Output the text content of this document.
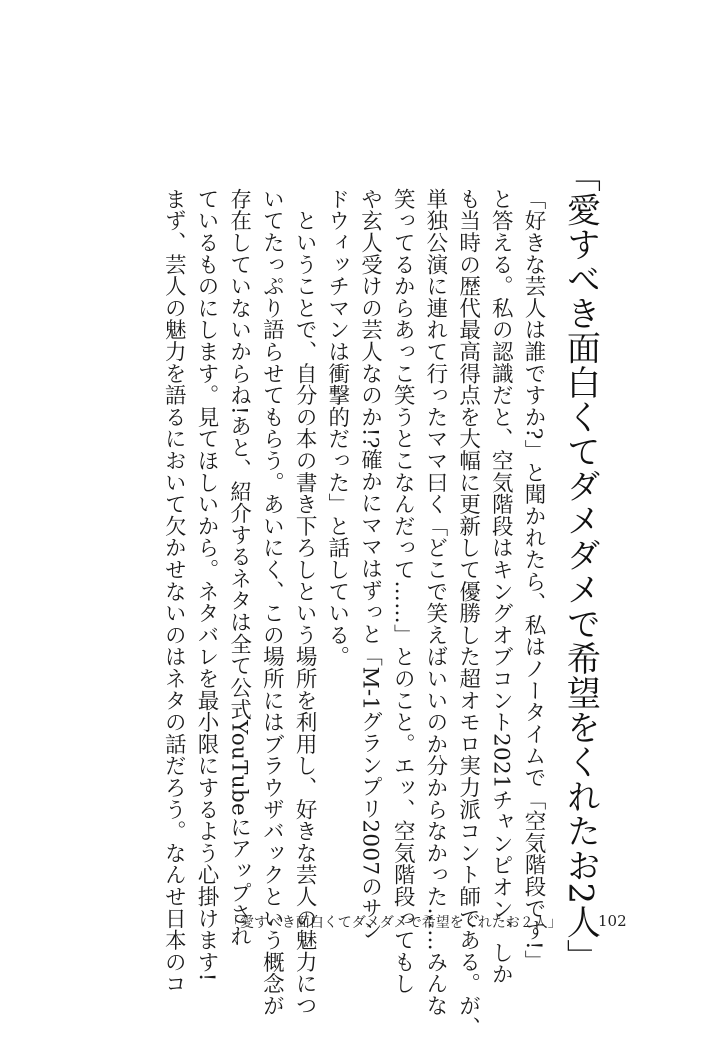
「愛すべき面白くてダメダメで希望をくれたお2人」
「好きな芸人は誰ですか?」と聞かれたら、私はノータイムで「空気階段です!」
と答える。私の認識だと、空気階段はキングオブコント2021チャンピオン、しか
も当時の歴代最高得点を大幅に更新して優勝した超オモロ実力派コント師である。が、
単独公演に連れて行ったママ曰く「どこで笑えばいいのか分からなかった……みんな
笑ってるからあっこ笑うとこなんだって……」とのこと。エッ、空気階段ってもし
や玄人受けの芸人なのか!?確かにママはずっと「M-1グランプリ2007のサン
ドウィッチマンは衝撃的だった」と話している。
　ということで、自分の本の書き下ろしという場所を利用し、好きな芸人の魅力につ
いてたっぷり語らせてもらう。あいにく、この場所にはブラウザバックという概念が
存在していないからね!あと、紹介するネタは全て公式YouTubeにアップされ
ているものにします。見てほしいから。ネタバレを最小限にするよう心掛けます!
まず、芸人の魅力を語るにおいて欠かせないのはネタの話だろう。なんせ日本のコ	「愛すべき面白くてダメダメで希望をくれたお２人」 102
